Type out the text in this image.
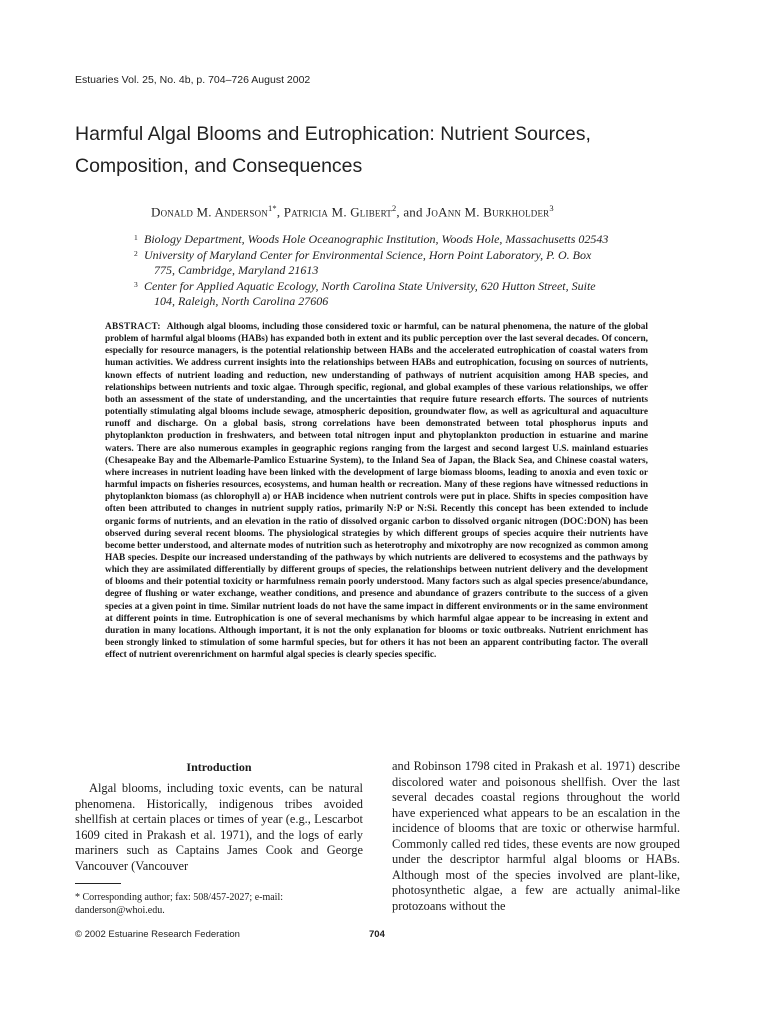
Estuaries Vol. 25, No. 4b, p. 704–726 August 2002
Harmful Algal Blooms and Eutrophication: Nutrient Sources, Composition, and Consequences
Donald M. Anderson$^{1*}$, Patricia M. Glibert$^2$, and JoAnn M. Burkholder$^3$
1 Biology Department, Woods Hole Oceanographic Institution, Woods Hole, Massachusetts 02543
2 University of Maryland Center for Environmental Science, Horn Point Laboratory, P. O. Box
775, Cambridge, Maryland 21613
3 Center for Applied Aquatic Ecology, North Carolina State University, 620 Hutton Street, Suite
104, Raleigh, North Carolina 27606
ABSTRACT: Although algal blooms, including those considered toxic or harmful, can be natural phenomena, the nature of the global problem of harmful algal blooms (HABs) has expanded both in extent and its public perception over the last several decades. Of concern, especially for resource managers, is the potential relationship between HABs and the accelerated eutrophication of coastal waters from human activities. We address current insights into the relationships between HABs and eutrophication, focusing on sources of nutrients, known effects of nutrient loading and reduction, new understanding of pathways of nutrient acquisition among HAB species, and relationships between nutrients and toxic algae. Through specific, regional, and global examples of these various relationships, we offer both an assessment of the state of understanding, and the uncertainties that require future research efforts. The sources of nutrients potentially stimulating algal blooms include sewage, atmospheric deposition, groundwater flow, as well as agricultural and aquaculture runoff and discharge. On a global basis, strong correlations have been demonstrated between total phosphorus inputs and phytoplankton production in freshwaters, and between total nitrogen input and phytoplankton production in estuarine and marine waters. There are also numerous examples in geographic regions ranging from the largest and second largest U.S. mainland estuaries (Chesapeake Bay and the Albemarle-Pamlico Estuarine System), to the Inland Sea of Japan, the Black Sea, and Chinese coastal waters, where increases in nutrient loading have been linked with the development of large biomass blooms, leading to anoxia and even toxic or harmful impacts on fisheries resources, ecosystems, and human health or recreation. Many of these regions have witnessed reductions in phytoplankton biomass (as chlorophyll a) or HAB incidence when nutrient controls were put in place. Shifts in species composition have often been attributed to changes in nutrient supply ratios, primarily N:P or N:Si. Recently this concept has been extended to include organic forms of nutrients, and an elevation in the ratio of dissolved organic carbon to dissolved organic nitrogen (DOC:DON) has been observed during several recent blooms. The physiological strategies by which different groups of species acquire their nutrients have become better understood, and alternate modes of nutrition such as heterotrophy and mixotrophy are now recognized as common among HAB species. Despite our increased understanding of the pathways by which nutrients are delivered to ecosystems and the pathways by which they are assimilated differentially by different groups of species, the relationships between nutrient delivery and the development of blooms and their potential toxicity or harmfulness remain poorly understood. Many factors such as algal species presence/abundance, degree of flushing or water exchange, weather conditions, and presence and abundance of grazers contribute to the success of a given species at a given point in time. Similar nutrient loads do not have the same impact in different environments or in the same environment at different points in time. Eutrophication is one of several mechanisms by which harmful algae appear to be increasing in extent and duration in many locations. Although important, it is not the only explanation for blooms or toxic outbreaks. Nutrient enrichment has been strongly linked to stimulation of some harmful species, but for others it has not been an apparent contributing factor. The overall effect of nutrient overenrichment on harmful algal species is clearly species specific.
Introduction

Algal blooms, including toxic events, can be natural phenomena. Historically, indigenous tribes avoided shellfish at certain places or times of year (e.g., Lescarbot 1609 cited in Prakash et al. 1971), and the logs of early mariners such as Captains James Cook and George Vancouver (Vancouver

* Corresponding author; fax: 508/457-2027; e-mail: danderson@whoi.edu.

and Robinson 1798 cited in Prakash et al. 1971) describe discolored water and poisonous shellfish. Over the last several decades coastal regions throughout the world have experienced what appears to be an escalation in the incidence of blooms that are toxic or otherwise harmful. Commonly called red tides, these events are now grouped under the descriptor harmful algal blooms or HABs. Although most of the species involved are plant-like, photosynthetic algae, a few are actually animal-like protozoans without the

© 2002 Estuarine Research Federation	704
